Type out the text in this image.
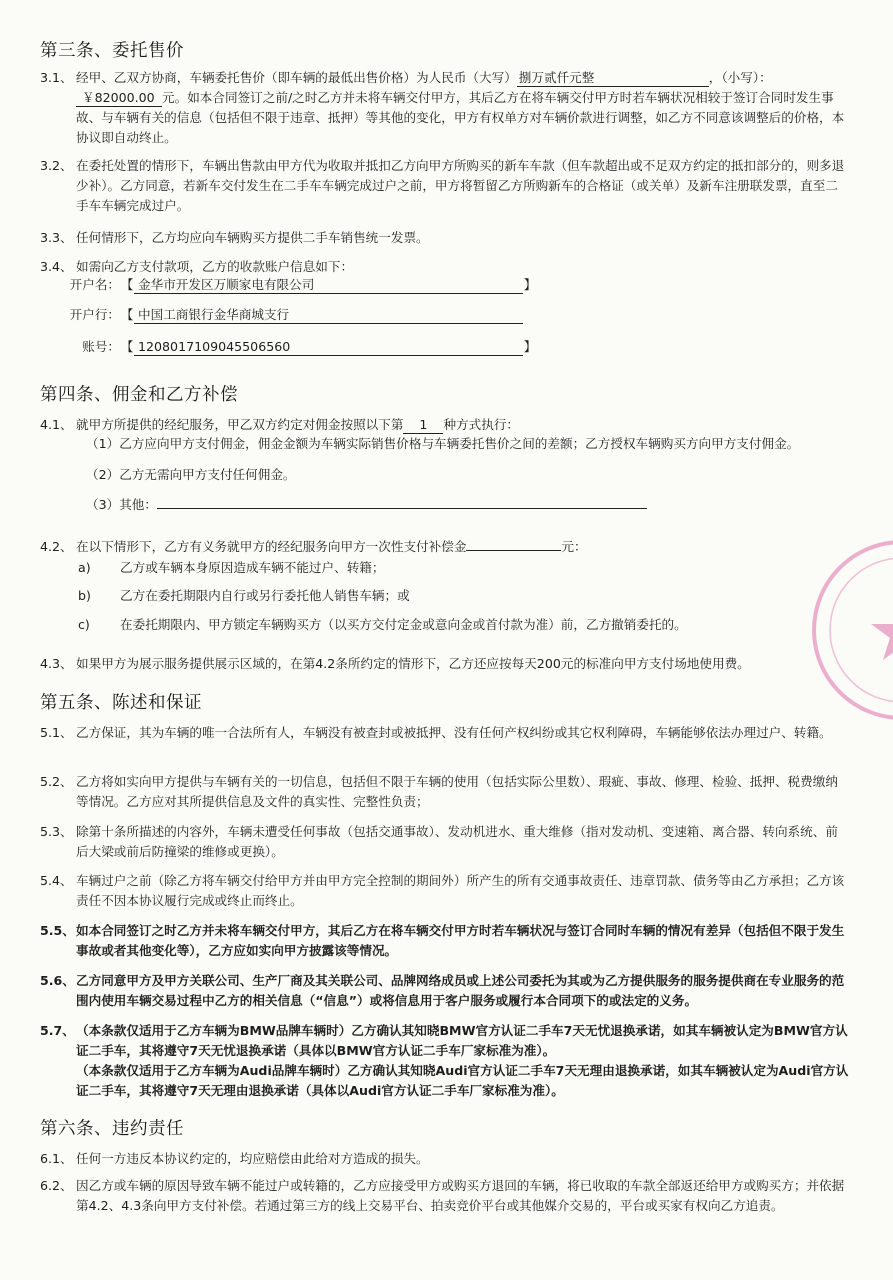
第三条、委托售价
3.1、 经甲、乙双方协商，车辆委托售价（即车辆的最低出售价格）为人民币（大写） 捌万贰仟元整	，（小写）：
￥82000.00 元。如本合同签订之前/之时乙方并未将车辆交付甲方，其后乙方在将车辆交付甲方时若车辆状况相较于签订合同时发生事故、与车辆有关的信息（包括但不限于违章、抵押）等其他的变化，甲方有权单方对车辆价款进行调整，如乙方不同意该调整后的价格，本协议即自动终止。
3.2、 在委托处置的情形下，车辆出售款由甲方代为收取并抵扣乙方向甲方所购买的新车车款（但车款超出或不足双方约定的抵扣部分的，则多退少补）。乙方同意，若新车交付发生在二手车车辆完成过户之前，甲方将暂留乙方所购新车的合格证（或关单）及新车注册联发票，直至二手车车辆完成过户。
3.3、 任何情形下，乙方均应向车辆购买方提供二手车销售统一发票。
3.4、 如需向乙方支付款项，乙方的收款账户信息如下：
开户名：【 金华市开发区万顺家电有限公司	】
开户行：【 中国工商银行金华商城支行
账号：【 1208017109045506560	】
第四条、佣金和乙方补偿
4.1、 就甲方所提供的经纪服务，甲乙双方约定对佣金按照以下第 1 种方式执行：
（1）乙方应向甲方支付佣金，佣金金额为车辆实际销售价格与车辆委托售价之间的差额；乙方授权车辆购买方向甲方支付佣金。
（2）乙方无需向甲方支付任何佣金。
（3）其他：
4.2、 在以下情形下，乙方有义务就甲方的经纪服务向甲方一次性支付补偿金	元：
a) 乙方或车辆本身原因造成车辆不能过户、转籍；
b) 乙方在委托期限内自行或另行委托他人销售车辆；或
c) 在委托期限内、甲方锁定车辆购买方（以买方交付定金或意向金或首付款为准）前，乙方撤销委托的。
4.3、 如果甲方为展示服务提供展示区域的，在第4.2条所约定的情形下，乙方还应按每天200元的标准向甲方支付场地使用费。
第五条、陈述和保证
5.1、 乙方保证，其为车辆的唯一合法所有人，车辆没有被查封或被抵押、没有任何产权纠纷或其它权利障碍，车辆能够依法办理过户、转籍。
5.2、 乙方将如实向甲方提供与车辆有关的一切信息，包括但不限于车辆的使用（包括实际公里数）、瑕疵、事故、修理、检验、抵押、税费缴纳等情况。乙方应对其所提供信息及文件的真实性、完整性负责；
5.3、 除第十条所描述的内容外，车辆未遭受任何事故（包括交通事故）、发动机进水、重大维修（指对发动机、变速箱、离合器、转向系统、前后大梁或前后防撞梁的维修或更换）。
5.4、 车辆过户之前（除乙方将车辆交付给甲方并由甲方完全控制的期间外）所产生的所有交通事故责任、违章罚款、债务等由乙方承担；乙方该责任不因本协议履行完成或终止而终止。
5.5、 如本合同签订之时乙方并未将车辆交付甲方，其后乙方在将车辆交付甲方时若车辆状况与签订合同时车辆的情况有差异（包括但不限于发生事故或者其他变化等），乙方应如实向甲方披露该等情况。
5.6、 乙方同意甲方及甲方关联公司、生产厂商及其关联公司、品牌网络成员或上述公司委托为其或为乙方提供服务的服务提供商在专业服务的范围内使用车辆交易过程中乙方的相关信息（“信息”）或将信息用于客户服务或履行本合同项下的或法定的义务。
5.7、 （本条款仅适用于乙方车辆为BMW品牌车辆时）乙方确认其知晓BMW官方认证二手车7天无忧退换承诺，如其车辆被认定为BMW官方认证二手车，其将遵守7天无忧退换承诺（具体以BMW官方认证二手车厂家标准为准）。
（本条款仅适用于乙方车辆为Audi品牌车辆时）乙方确认其知晓Audi官方认证二手车7天无理由退换承诺，如其车辆被认定为Audi官方认证二手车，其将遵守7天无理由退换承诺（具体以Audi官方认证二手车厂家标准为准）。
第六条、违约责任
6.1、 任何一方违反本协议约定的，均应赔偿由此给对方造成的损失。
6.2、 因乙方或车辆的原因导致车辆不能过户或转籍的，乙方应接受甲方或购买方退回的车辆，将已收取的车款全部返还给甲方或购买方；并依据第4.2、4.3条向甲方支付补偿。若通过第三方的线上交易平台、拍卖竞价平台或其他媒介交易的，平台或买家有权向乙方追责。
